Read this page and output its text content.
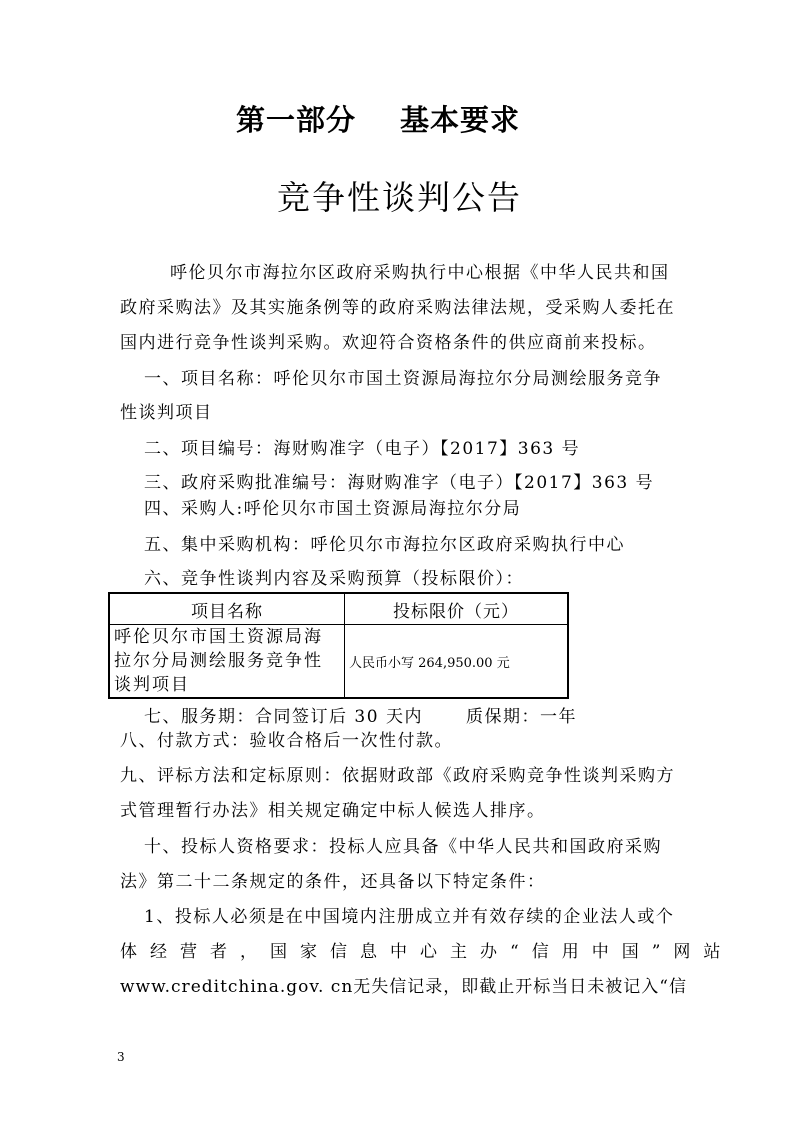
第一部分 基本要求
竞争性谈判公告
呼伦贝尔市海拉尔区政府采购执行中心根据《中华人民共和国
政府采购法》及其实施条例等的政府采购法律法规，受采购人委托在
国内进行竞争性谈判采购。欢迎符合资格条件的供应商前来投标。
一、项目名称：呼伦贝尔市国土资源局海拉尔分局测绘服务竞争
性谈判项目
二、项目编号：海财购准字（电子）【2017】363 号
三、政府采购批准编号：海财购准字（电子）【2017】363 号
四、采购人:呼伦贝尔市国土资源局海拉尔分局
五、集中采购机构：呼伦贝尔市海拉尔区政府采购执行中心
六、竞争性谈判内容及采购预算（投标限价）：
项目名称	投标限价（元）

呼伦贝尔市国土资源局海
拉尔分局测绘服务竞争性
谈判项目	人民币小写 264,950.00 元
七、服务期：合同签订后 30 天内	质保期：一年
八、付款方式：验收合格后一次性付款。
九、评标方法和定标原则：依据财政部《政府采购竞争性谈判采购方
式管理暂行办法》相关规定确定中标人候选人排序。
十、投标人资格要求：投标人应具备《中华人民共和国政府采购
法》第二十二条规定的条件，还具备以下特定条件：
1、投标人必须是在中国境内注册成立并有效存续的企业法人或个
体经营者，国家信息中心主办“信用中国”网站
www.creditchina.gov. cn无失信记录，即截止开标当日未被记入“信
3
